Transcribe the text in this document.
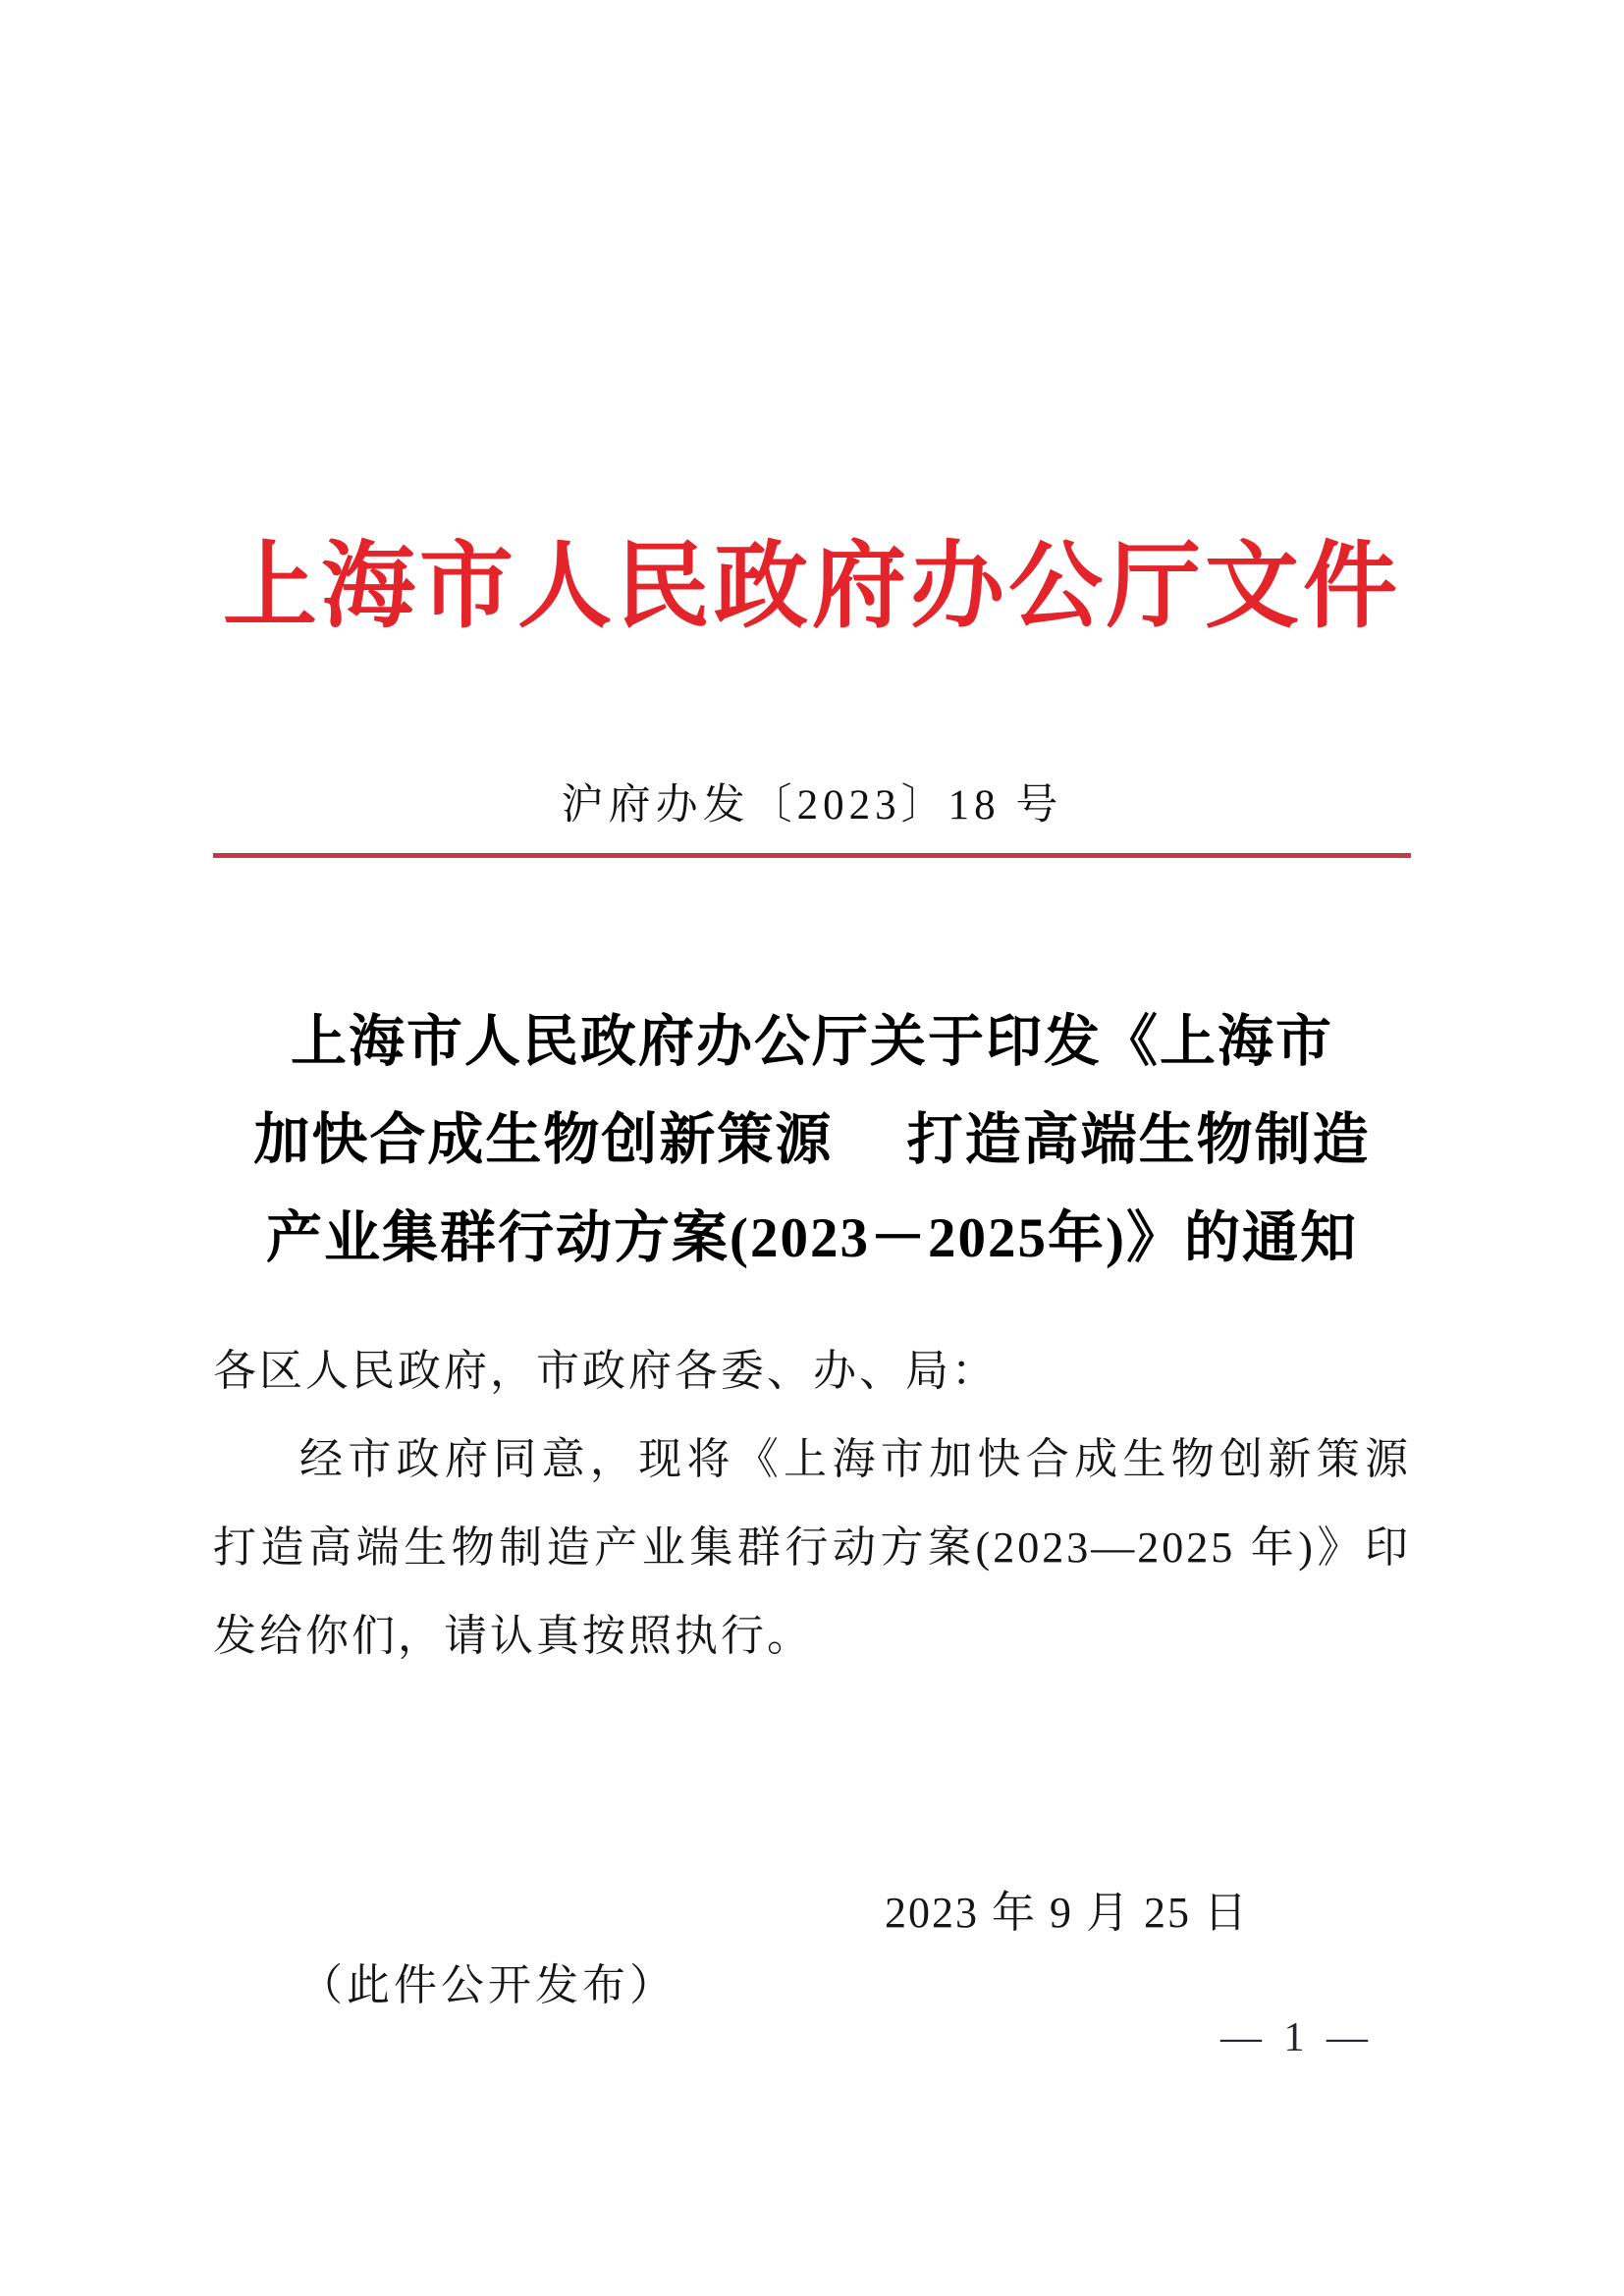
上海市人民政府办公厅文件
沪府办发〔2023〕18 号
上海市人民政府办公厅关于印发《上海市
加快合成生物创新策源　 打造高端生物制造
产业集群行动方案(2023－2025年)》的通知
各区人民政府，市政府各委、办、局：
经市政府同意，现将《上海市加快合成生物创新策源　打造高端生物制造产业集群行动方案(2023—2025 年)》印发给你们，请认真按照执行。
2023 年 9 月 25 日
（此件公开发布）
— 1 —
